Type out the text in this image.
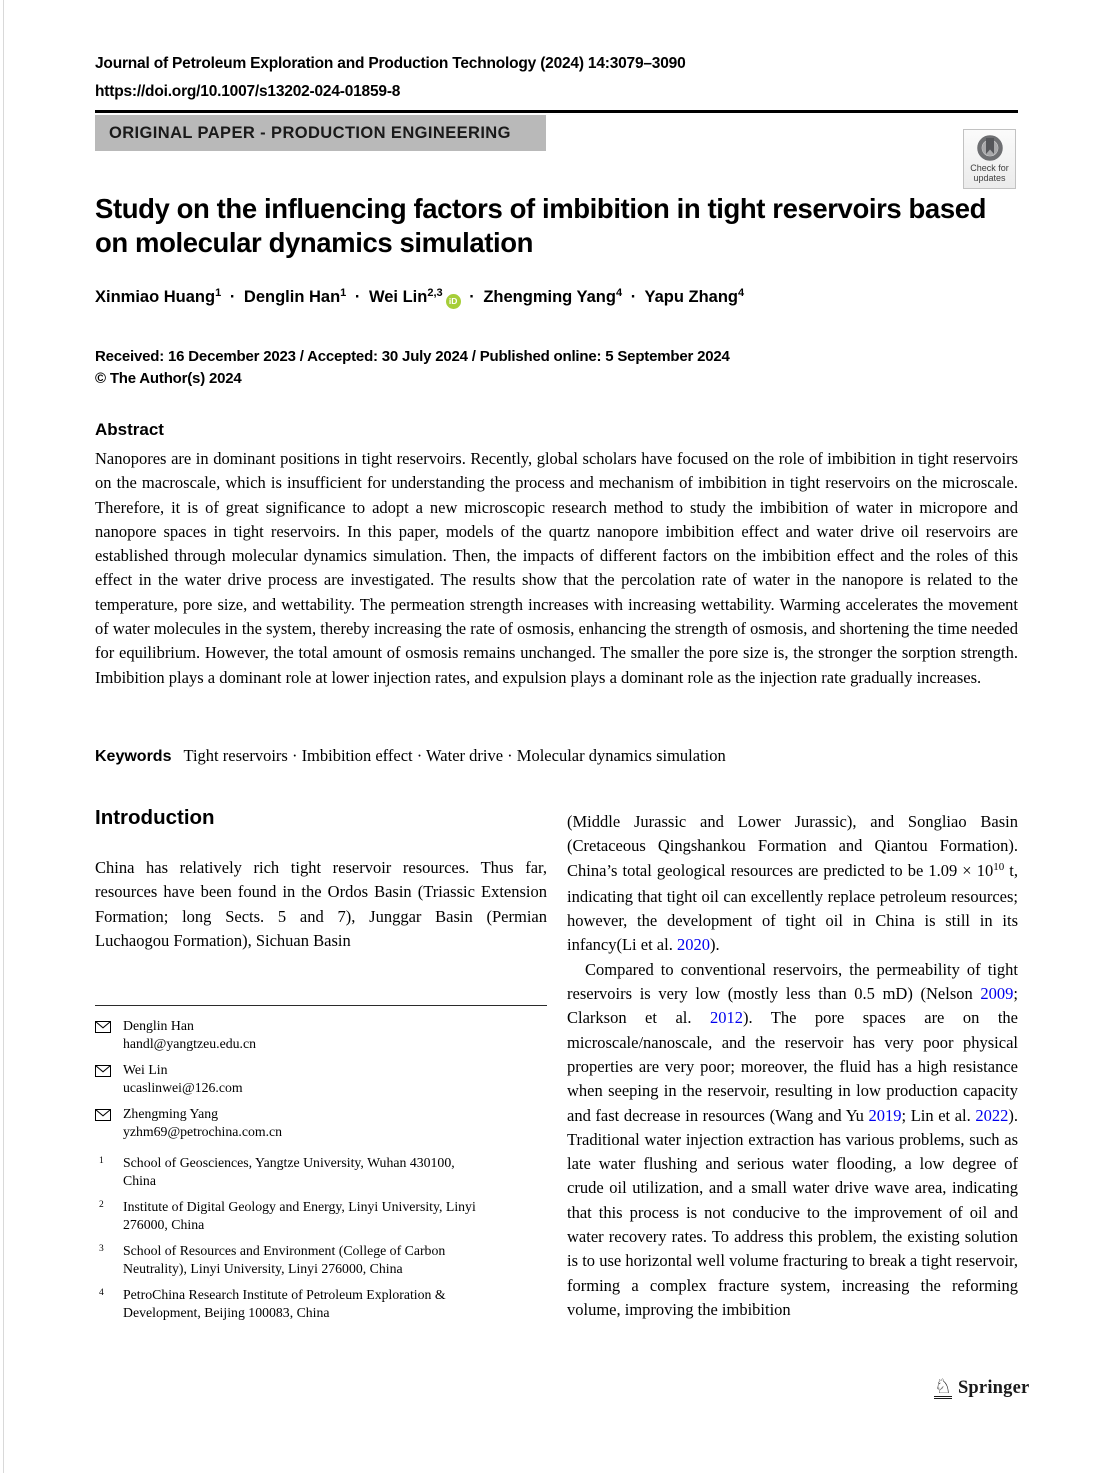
Journal of Petroleum Exploration and Production Technology (2024) 14:3079–3090
https://doi.org/10.1007/s13202-024-01859-8
ORIGINAL PAPER - PRODUCTION ENGINEERING
Check for
updates
Study on the influencing factors of imbibition in tight reservoirs based
on molecular dynamics simulation
Xinmiao Huang$^1$ · Denglin Han$^1$ · Wei Lin$^{2,3}$iD · Zhengming Yang$^4$ · Yapu Zhang$^4$
Received: 16 December 2023 / Accepted: 30 July 2024 / Published online: 5 September 2024
© The Author(s) 2024
Abstract

Nanopores are in dominant positions in tight reservoirs. Recently, global scholars have focused on the role of imbibition in tight reservoirs on the macroscale, which is insufficient for understanding the process and mechanism of imbibition in tight reservoirs on the microscale. Therefore, it is of great significance to adopt a new microscopic research method to study the imbibition of water in micropore and nanopore spaces in tight reservoirs. In this paper, models of the quartz nanopore imbibition effect and water drive oil reservoirs are established through molecular dynamics simulation. Then, the impacts of different factors on the imbibition effect and the roles of this effect in the water drive process are investigated. The results show that the percolation rate of water in the nanopore is related to the temperature, pore size, and wettability. The permeation strength increases with increasing wettability. Warming accelerates the movement of water molecules in the system, thereby increasing the rate of osmosis, enhancing the strength of osmosis, and shortening the time needed for equilibrium. However, the total amount of osmosis remains unchanged. The smaller the pore size is, the stronger the sorption strength. Imbibition plays a dominant role at lower injection rates, and expulsion plays a dominant role as the injection rate gradually increases.

Keywords Tight reservoirs · Imbibition effect · Water drive · Molecular dynamics simulation
Introduction

China has relatively rich tight reservoir resources. Thus far, resources have been found in the Ordos Basin (Triassic Extension Formation; long Sects. 5 and 7), Junggar Basin (Permian Luchaogou Formation), Sichuan Basin

Denglin Han
handl@yangtzeu.edu.cn
Wei Lin
ucaslinwei@126.com
Zhengming Yang
yzhm69@petrochina.com.cn
1	School of Geosciences, Yangtze University, Wuhan 430100, China
2	Institute of Digital Geology and Energy, Linyi University, Linyi 276000, China
3	School of Resources and Environment (College of Carbon Neutrality), Linyi University, Linyi 276000, China
4	PetroChina Research Institute of Petroleum Exploration & Development, Beijing 100083, China

(Middle Jurassic and Lower Jurassic), and Songliao Basin (Cretaceous Qingshankou Formation and Qiantou Formation). China’s total geological resources are predicted to be $1.09 \times 10^{10}$ t, indicating that tight oil can excellently replace petroleum resources; however, the development of tight oil in China is still in its infancy(Li et al. 2020).

Compared to conventional reservoirs, the permeability of tight reservoirs is very low (mostly less than 0.5 mD) (Nelson 2009; Clarkson et al. 2012). The pore spaces are on the microscale/nanoscale, and the reservoir has very poor physical properties are very poor; moreover, the fluid has a high resistance when seeping in the reservoir, resulting in low production capacity and fast decrease in resources (Wang and Yu 2019; Lin et al. 2022). Traditional water injection extraction has various problems, such as late water flushing and serious water flooding, a low degree of crude oil utilization, and a small water drive wave area, indicating that this process is not conducive to the improvement of oil and water recovery rates. To address this problem, the existing solution is to use horizontal well volume fracturing to break a tight reservoir, forming a complex fracture system, increasing the reforming volume, improving the imbibition

♘ Springer
